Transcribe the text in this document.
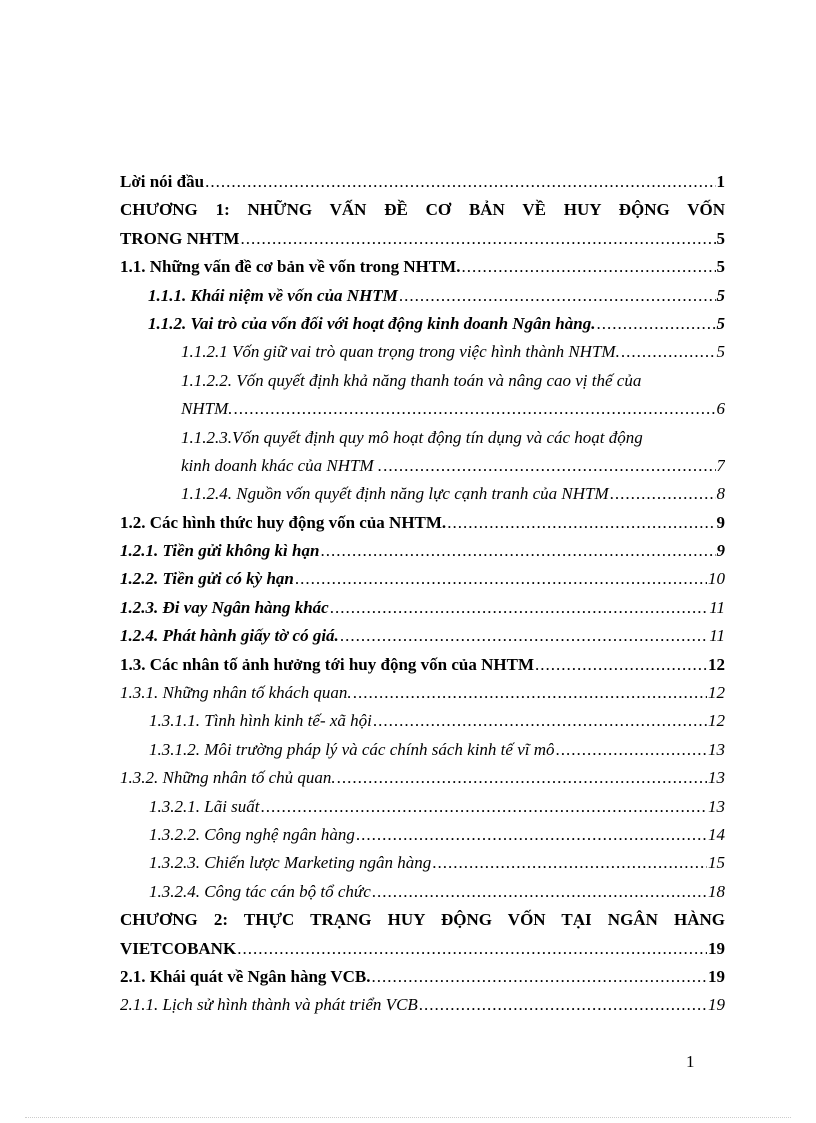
Lời nói đầu .....	1
CHƯƠNG 1: NHỮNG VẤN ĐỀ CƠ BẢN VỀ HUY ĐỘNG VỐN
TRONG NHTM .....	5
1.1. Những vấn đề cơ bản về vốn trong NHTM. .....	5
1.1.1. Khái niệm về vốn của NHTM .....	5
1.1.2. Vai trò của vốn đối với hoạt động kinh doanh Ngân hàng. .....	5
1.1.2.1 Vốn giữ vai trò quan trọng trong việc hình thành NHTM. .....	5
1.1.2.2. Vốn quyết định khả năng thanh toán và nâng cao vị thế của
NHTM. .....	6
1.1.2.3.Vốn quyết định quy mô hoạt động tín dụng và các hoạt động
kinh doanh khác của NHTM . .....	7
1.1.2.4. Nguồn vốn quyết định năng lực cạnh tranh của NHTM .....	8
1.2. Các hình thức huy động vốn của NHTM. .....	9
1.2.1. Tiền gửi không kì hạn .....	9
1.2.2. Tiền gửi có kỳ hạn .....	10
1.2.3. Đi vay Ngân hàng khác .....	11
1.2.4. Phát hành giấy tờ có giá. .....	11
1.3. Các nhân tố ảnh hưởng tới huy động vốn của NHTM .....	12
1.3.1. Những nhân tố khách quan. .....	12
1.3.1.1. Tình hình kinh tế- xã hội .....	12
1.3.1.2. Môi trường pháp lý và các chính sách kinh tế vĩ mô .....	13
1.3.2. Những nhân tố chủ quan. .....	13
1.3.2.1. Lãi suất .....	13
1.3.2.2. Công nghệ ngân hàng .....	14
1.3.2.3. Chiến lược Marketing ngân hàng .....	15
1.3.2.4. Công tác cán bộ tổ chức .....	18
CHƯƠNG 2: THỰC TRẠNG HUY ĐỘNG VỐN TẠI NGÂN HÀNG
VIETCOBANK .....	19
2.1. Khái quát về Ngân hàng VCB. .....	19
2.1.1. Lịch sử hình thành và phát triển VCB .....	19
1
